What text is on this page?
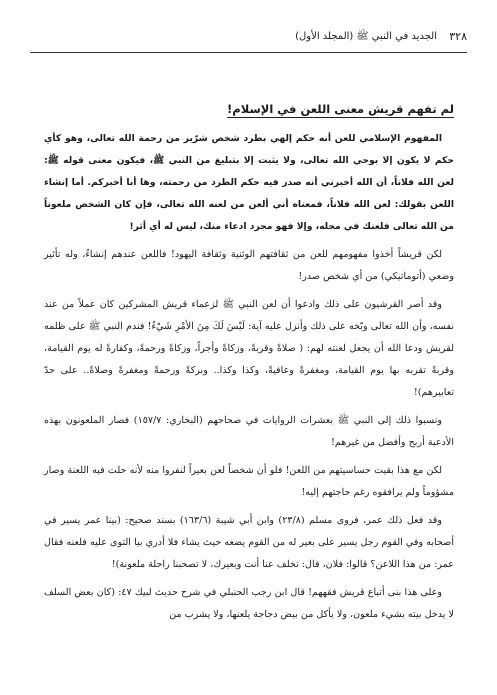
٣٢٨
الجديد في النبي ﷺ (المجلد الأول)
لم تفهم قريش معنى اللعن في الإسلام!

المفهوم الإسلامي للعن أنه حكم إلهي بطرد شخص شرّير من رحمة الله تعالى، وهو كأي حكم لا يكون إلا بوحي الله تعالى، ولا يثبت إلا بتبليغ من النبي ﷺ، فيكون معنى قوله ﷺ: لعن الله فلاناً، أن الله أخبرني أنه صدر فيه حكم الطرد من رحمته، وها أنا أخبركم. أما إنشاء اللعن بقولك: لعن الله فلاناً، فمعناه أني ألعن من لعنه الله تعالى، فإن كان الشخص ملعوناً من الله تعالى فلعنك في محله، وإلا فهو مجرد ادعاء منك، ليس له أي أثر!

لكن قريشاً أخذوا مفهومهم للعن من ثقافتهم الوثنية وثقافة اليهود! فاللعن عندهم إنشاءٌ، وله تأثير وضعي (أتوماتيكي) من أي شخص صدر!

وقد أصر القرشيون على ذلك وادعوا أن لعن النبي ﷺ لزعماء قريش المشركين كان عملاً من عند نفسه، وأن الله تعالى وبّخه على ذلك وأنزل عليه آية: لَيْسَ لَكَ مِنَ الأمْرِ شَيْءٌ! فندم النبي ﷺ على ظلمه لقريش ودعا الله أن يجعل لعنته لهم: ( صلاةً وقربةً، وزكاةً وأجراً، وزكاةً ورحمةً، وكفارةً له يوم القيامة، وقربةً تقربه بها يوم القيامة، ومغفرةً وعافيةً، وكذا وكذا.. وبركةً ورحمةً ومغفرةً وصلاةً.. على حدّ تعابيرهم)!

ونسبوا ذلك إلى النبي ﷺ بعشرات الروايات في صحاحهم (البخاري: ١٥٧/٧) فصار الملعونون بهذه الأدعية أربح وأفضل من غيرهم!

لكن مع هذا بقيت حساسيتهم من اللعن! فلو أن شخصاً لعن بعيراً لنفروا منه لأنه حلت فيه اللعنة وصار مشؤوماً ولم يرافقوه رغم حاجتهم إليه!

وقد فعل ذلك عمر، فروى مسلم (٢٣/٨) وابن أبي شيبة (١٦٣/٦) بسند صحيح: (بينا عمر يسير في أصحابه وفي القوم رجل يسير على بعير له من القوم يضعه حيث يشاء فلا أدري بيا التوى عليه فلعنه فقال عمر: من هذا اللاعن؟ قالوا: فلان، قال: تخلف عنا أنت وبعيرك، لا تصحبنا راحلة ملعونة)!

وعلى هذا بنى أتباع قريش فقههم! قال ابن رجب الحنبلي في شرح حديث لبيك ٤٧: (كان بعض السلف لا يدخل بيته بشيء ملعون، ولا يأكل من بيض دجاجة يلعنها، ولا يشرب من
